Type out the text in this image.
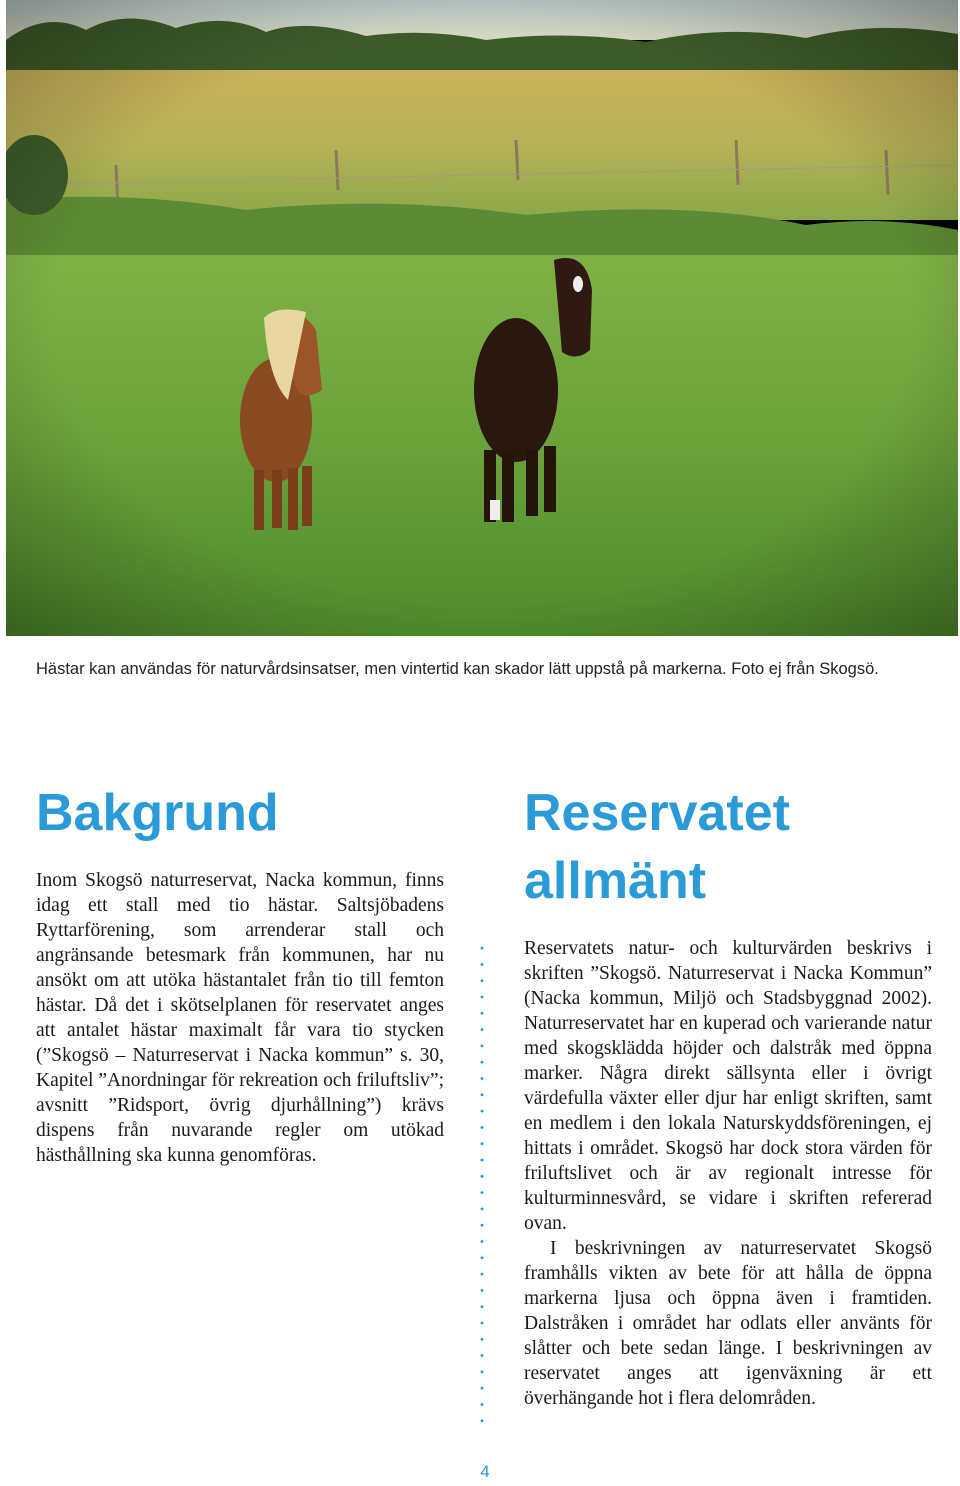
Hästar kan användas för naturvårdsinsatser, men vintertid kan skador lätt uppstå på markerna. Foto ej från Skogsö.
Bakgrund

Inom Skogsö naturreservat, Nacka kommun, finns idag ett stall med tio hästar. Saltsjöbadens Ryttarförening, som arrenderar stall och angränsande betesmark från kommunen, har nu ansökt om att utöka hästantalet från tio till femton hästar. Då det i skötselplanen för reservatet anges att antalet hästar maximalt får vara tio stycken (”Skogsö – Naturreservat i Nacka kommun” s. 30, Kapitel ”Anordningar för rekreation och friluftsliv”; avsnitt ”Ridsport, övrig djurhållning”) krävs dispens från nuvarande regler om utökad hästhållning ska kunna genomföras.

Reservatet
allmänt

Reservatets natur- och kulturvärden beskrivs i skriften ”Skogsö. Naturreservat i Nacka Kommun” (Nacka kommun, Miljö och Stadsbyggnad 2002). Naturreservatet har en kuperad och varierande natur med skogsklädda höjder och dalstråk med öppna marker. Några direkt sällsynta eller i övrigt värdefulla växter eller djur har enligt skriften, samt en medlem i den lokala Naturskyddsföreningen, ej hittats i området. Skogsö har dock stora värden för friluftslivet och är av regionalt intresse för kulturminnesvård, se vidare i skriften refererad ovan.

I beskrivningen av naturreservatet Skogsö framhålls vikten av bete för att hålla de öppna markerna ljusa och öppna även i framtiden. Dalstråken i området har odlats eller använts för slåtter och bete sedan länge. I beskrivningen av reservatet anges att igenväxning är ett överhängande hot i flera delområden.

4
